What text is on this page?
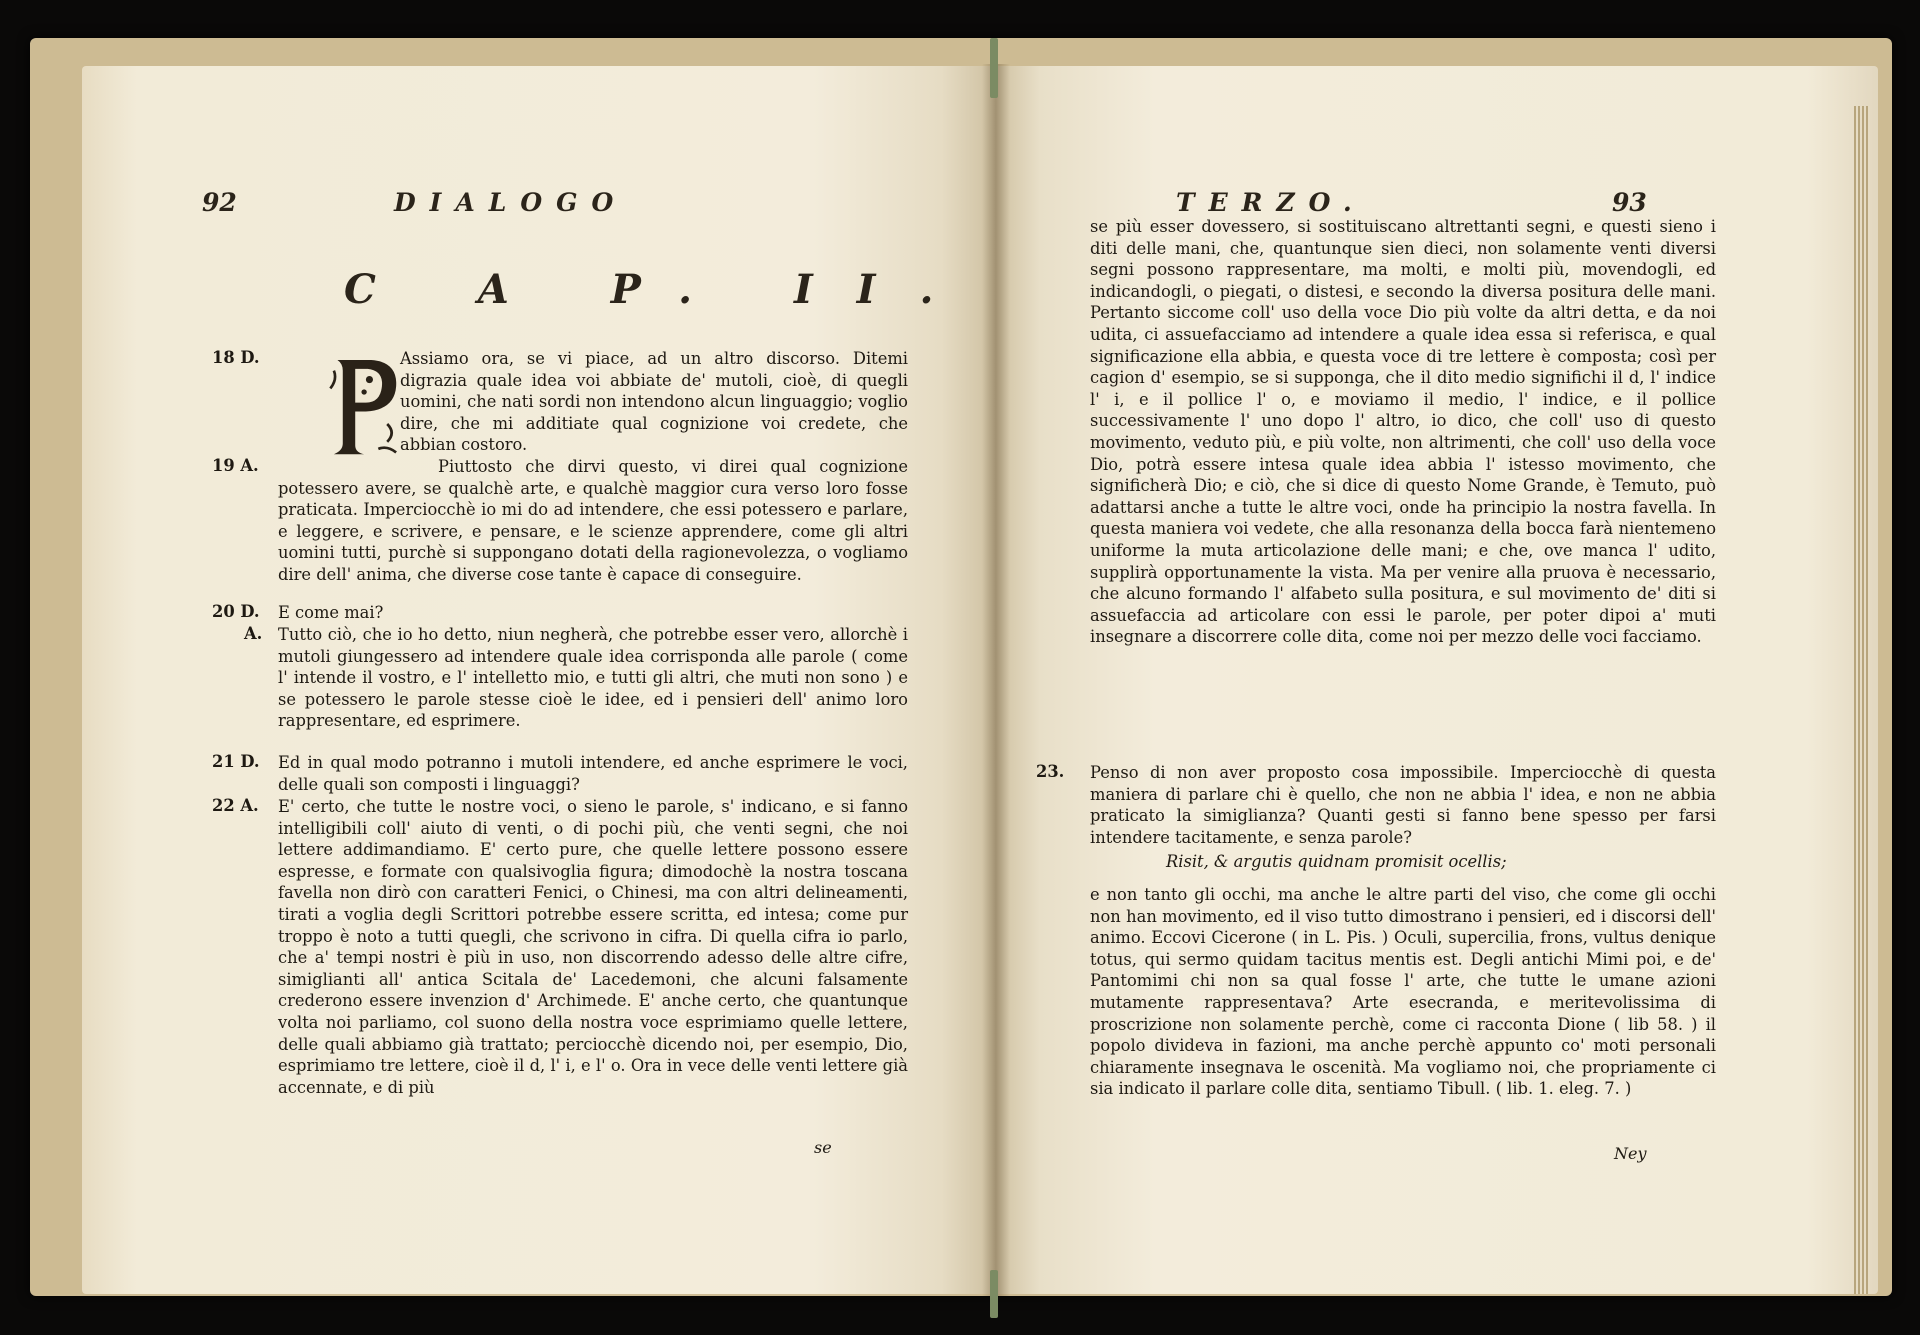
92	DIALOGO
C A P. II.
18 D.	Assiamo ora, se vi piace, ad un altro discorso. Ditemi digrazia quale idea voi abbiate de' mutoli, cioè, di quegli uomini, che nati sordi non intendono alcun linguaggio; voglio dire, che mi additiate qual cognizione voi credete, che abbian costoro.
19 A.	Piuttosto che dirvi questo, vi direi qual cognizione potessero avere, se qualchè arte, e qualchè maggior cura verso loro fosse praticata. Imperciocchè io mi do ad intendere, che essi potessero e parlare, e leggere, e scrivere, e pensare, e le scienze apprendere, come gli altri uomini tutti, purchè si suppongano dotati della ragionevolezza, o vogliamo dire dell' anima, che diverse cose tante è capace di conseguire.
20 D. E come mai?
A. Tutto ciò, che io ho detto, niun negherà, che potrebbe esser vero, allorchè i mutoli giungessero ad intendere quale idea corrisponda alle parole ( come l' intende il vostro, e l' intelletto mio, e tutti gli altri, che muti non sono ) e se potessero le parole stesse cioè le idee, ed i pensieri dell' animo loro rappresentare, ed esprimere.
21 D. Ed in qual modo potranno i mutoli intendere, ed anche esprimere le voci, delle quali son composti i linguaggi?
22 A. E' certo, che tutte le nostre voci, o sieno le parole, s' indicano, e si fanno intelligibili coll' aiuto di venti, o di pochi più, che venti segni, che noi lettere addimandiamo. E' certo pure, che quelle lettere possono essere espresse, e formate con qualsivoglia figura; dimodochè la nostra toscana favella non dirò con caratteri Fenici, o Chinesi, ma con altri delineamenti, tirati a voglia degli Scrittori potrebbe essere scritta, ed intesa; come pur troppo è noto a tutti quegli, che scrivono in cifra. Di quella cifra io parlo, che a' tempi nostri è più in uso, non discorrendo adesso delle altre cifre, simiglianti all' antica Scitala de' Lacedemoni, che alcuni falsamente crederono essere invenzion d' Archimede. E' anche certo, che quantunque volta noi parliamo, col suono della nostra voce esprimiamo quelle lettere, delle quali abbiamo già trattato; perciocchè dicendo noi, per esempio, Dio, esprimiamo tre lettere, cioè il d, l' i, e l' o. Ora in vece delle venti lettere già accennate, e di più
se
TERZO.	93
se più esser dovessero, si sostituiscano altrettanti segni, e questi sieno i diti delle mani, che, quantunque sien dieci, non solamente venti diversi segni possono rappresentare, ma molti, e molti più, movendogli, ed indicandogli, o piegati, o distesi, e secondo la diversa positura delle mani. Pertanto siccome coll' uso della voce Dio più volte da altri detta, e da noi udita, ci assuefacciamo ad intendere a quale idea essa si referisca, e qual significazione ella abbia, e questa voce di tre lettere è composta; così per cagion d' esempio, se si supponga, che il dito medio significhi il d, l' indice l' i, e il pollice l' o, e moviamo il medio, l' indice, e il pollice successivamente l' uno dopo l' altro, io dico, che coll' uso di questo movimento, veduto più, e più volte, non altrimenti, che coll' uso della voce Dio, potrà essere intesa quale idea abbia l' istesso movimento, che significherà Dio; e ciò, che si dice di questo Nome Grande, è Temuto, può adattarsi anche a tutte le altre voci, onde ha principio la nostra favella. In questa maniera voi vedete, che alla resonanza della bocca farà nientemeno uniforme la muta articolazione delle mani; e che, ove manca l' udito, supplirà opportunamente la vista. Ma per venire alla pruova è necessario, che alcuno formando l' alfabeto sulla positura, e sul movimento de' diti si assuefaccia ad articolare con essi le parole, per poter dipoi a' muti insegnare a discorrere colle dita, come noi per mezzo delle voci facciamo.
23. Penso di non aver proposto cosa impossibile. Imperciocchè di questa maniera di parlare chi è quello, che non ne abbia l' idea, e non ne abbia praticato la simiglianza? Quanti gesti si fanno bene spesso per farsi intendere tacitamente, e senza parole?
Risit, & argutis quidnam promisit ocellis;
e non tanto gli occhi, ma anche le altre parti del viso, che come gli occhi non han movimento, ed il viso tutto dimostrano i pensieri, ed i discorsi dell' animo. Eccovi Cicerone ( in L. Pis. ) Oculi, supercilia, frons, vultus denique totus, qui sermo quidam tacitus mentis est. Degli antichi Mimi poi, e de' Pantomimi chi non sa qual fosse l' arte, che tutte le umane azioni mutamente rappresentava? Arte esecranda, e meritevolissima di proscrizione non solamente perchè, come ci racconta Dione ( lib 58. ) il popolo divideva in fazioni, ma anche perchè appunto co' moti personali chiaramente insegnava le oscenità. Ma vogliamo noi, che propriamente ci sia indicato il parlare colle dita, sentiamo Tibull. ( lib. 1. eleg. 7. )
Ney
